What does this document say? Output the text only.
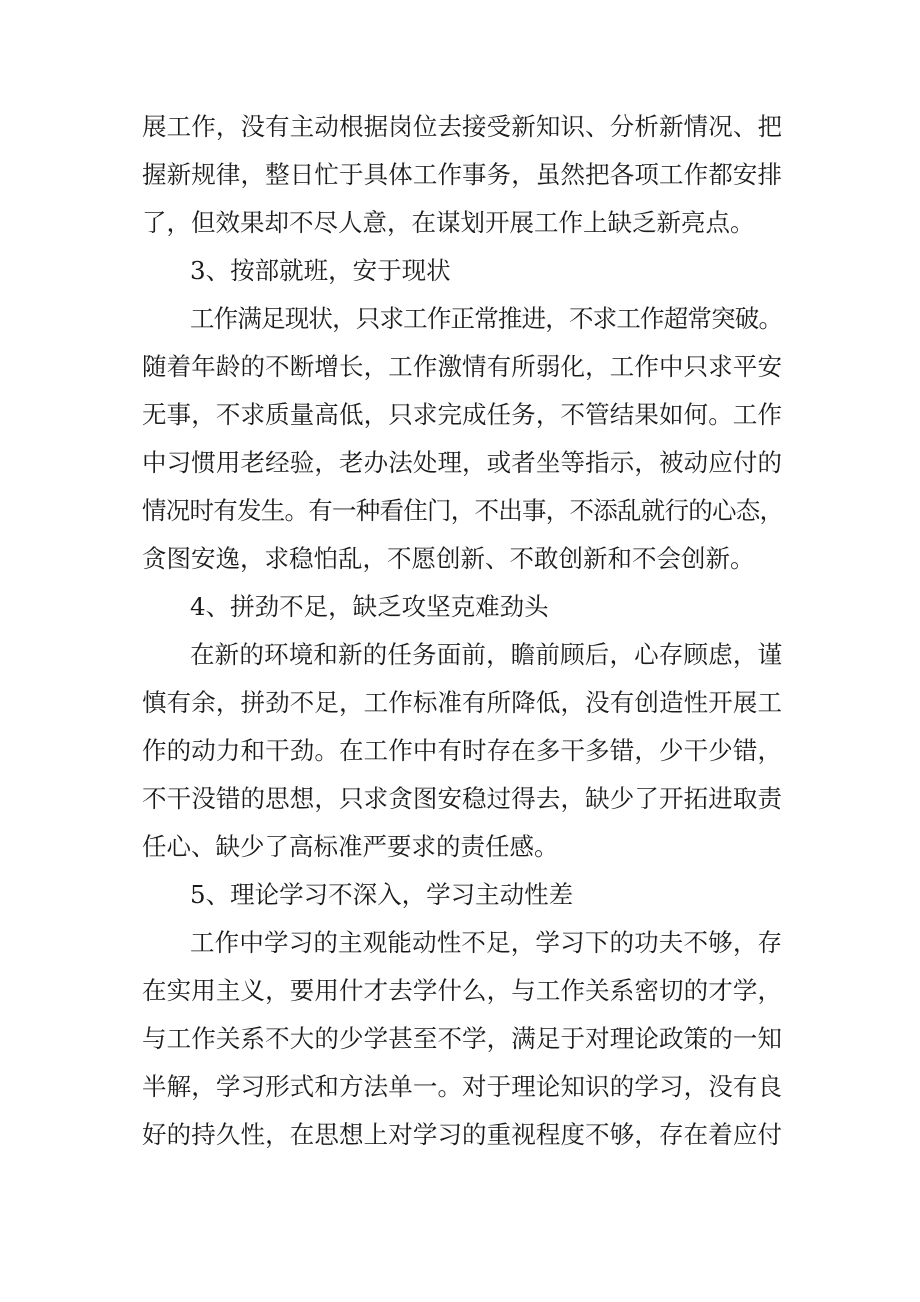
展工作，没有主动根据岗位去接受新知识、分析新情况、把
握新规律，整日忙于具体工作事务，虽然把各项工作都安排
了，但效果却不尽人意，在谋划开展工作上缺乏新亮点。
3、按部就班，安于现状
工作满足现状，只求工作正常推进，不求工作超常突破。
随着年龄的不断增长，工作激情有所弱化，工作中只求平安
无事，不求质量高低，只求完成任务，不管结果如何。工作
中习惯用老经验，老办法处理，或者坐等指示，被动应付的
情况时有发生。有一种看住门，不出事，不添乱就行的心态，
贪图安逸，求稳怕乱，不愿创新、不敢创新和不会创新。
4、拼劲不足，缺乏攻坚克难劲头
在新的环境和新的任务面前，瞻前顾后，心存顾虑，谨
慎有余，拼劲不足，工作标准有所降低，没有创造性开展工
作的动力和干劲。在工作中有时存在多干多错，少干少错，
不干没错的思想，只求贪图安稳过得去，缺少了开拓进取责
任心、缺少了高标准严要求的责任感。
5、理论学习不深入，学习主动性差
工作中学习的主观能动性不足，学习下的功夫不够，存
在实用主义，要用什才去学什么，与工作关系密切的才学，
与工作关系不大的少学甚至不学，满足于对理论政策的一知
半解，学习形式和方法单一。对于理论知识的学习，没有良
好的持久性，在思想上对学习的重视程度不够，存在着应付
